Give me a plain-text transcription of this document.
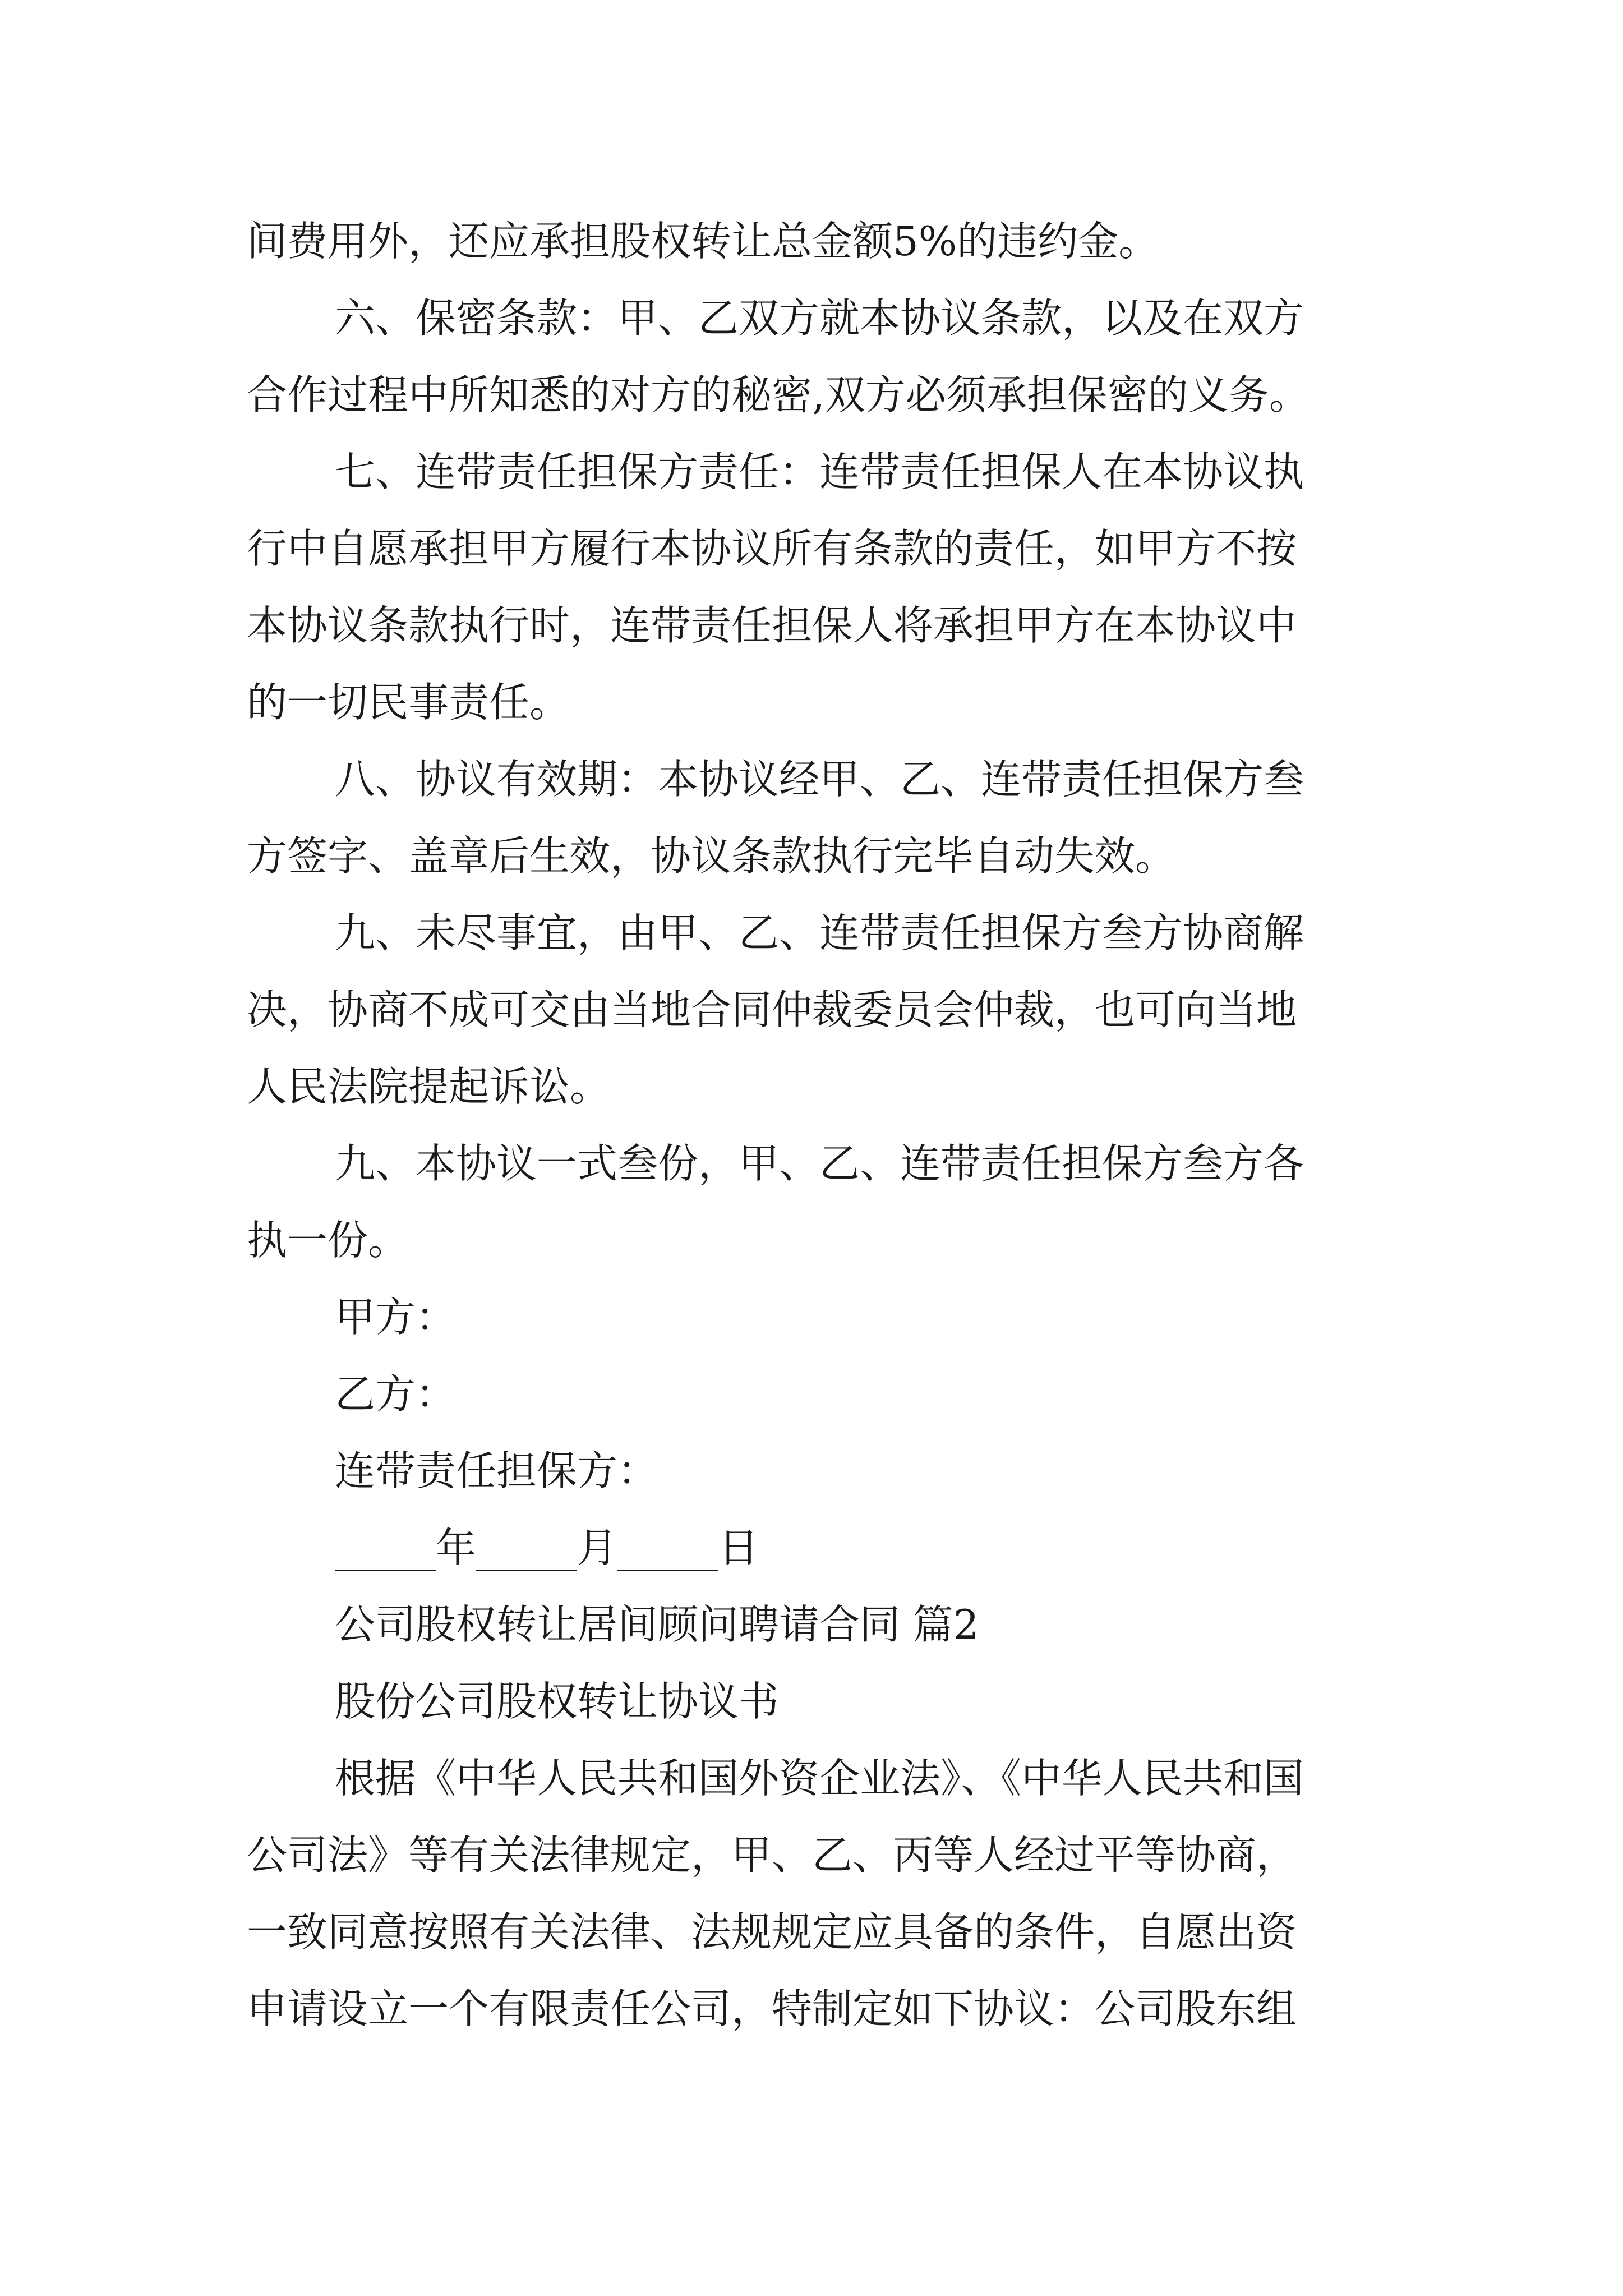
间费用外，还应承担股权转让总金额5%的违约金。

六、保密条款：甲、乙双方就本协议条款，以及在双方

合作过程中所知悉的对方的秘密,双方必须承担保密的义务。

七、连带责任担保方责任：连带责任担保人在本协议执

行中自愿承担甲方履行本协议所有条款的责任，如甲方不按

本协议条款执行时，连带责任担保人将承担甲方在本协议中

的一切民事责任。

八、协议有效期：本协议经甲、乙、连带责任担保方叁

方签字、盖章后生效，协议条款执行完毕自动失效。

九、未尽事宜，由甲、乙、连带责任担保方叁方协商解

决，协商不成可交由当地合同仲裁委员会仲裁，也可向当地

人民法院提起诉讼。

九、本协议一式叁份，甲、乙、连带责任担保方叁方各

执一份。

甲方：

乙方：

连带责任担保方：

_____年_____月_____日

公司股权转让居间顾问聘请合同 篇2

股份公司股权转让协议书

根据《中华人民共和国外资企业法》、《中华人民共和国

公司法》等有关法律规定，甲、乙、丙等人经过平等协商，

一致同意按照有关法律、法规规定应具备的条件，自愿出资

申请设立一个有限责任公司，特制定如下协议：公司股东组
